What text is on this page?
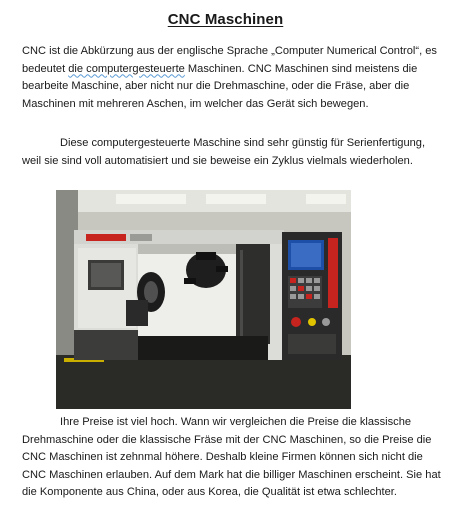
CNC Maschinen

CNC ist die Abkürzung aus der englische Sprache „Computer Numerical Control“, es bedeutet die computergesteuerte Maschinen. CNC Maschinen sind meistens die bearbeite Maschine, aber nicht nur die Drehmaschine, oder die Fräse, aber die Maschinen mit mehreren Aschen, im welcher das Gerät sich bewegen.

Diese computergesteuerte Maschine sind sehr günstig für Serienfertigung, weil sie sind voll automatisiert und sie beweise ein Zyklus vielmals wiederholen.

Ihre Preise ist viel hoch. Wann wir vergleichen die Preise die klassische Drehmaschine oder die klassische Fräse mit der CNC Maschinen, so die Preise die CNC Maschinen ist zehnmal höhere. Deshalb kleine Firmen können sich nicht die CNC Maschinen erlauben. Auf dem Mark hat die billiger Maschinen erscheint. Sie hat die Komponente aus China, oder aus Korea, die Qualität ist etwa schlechter.
